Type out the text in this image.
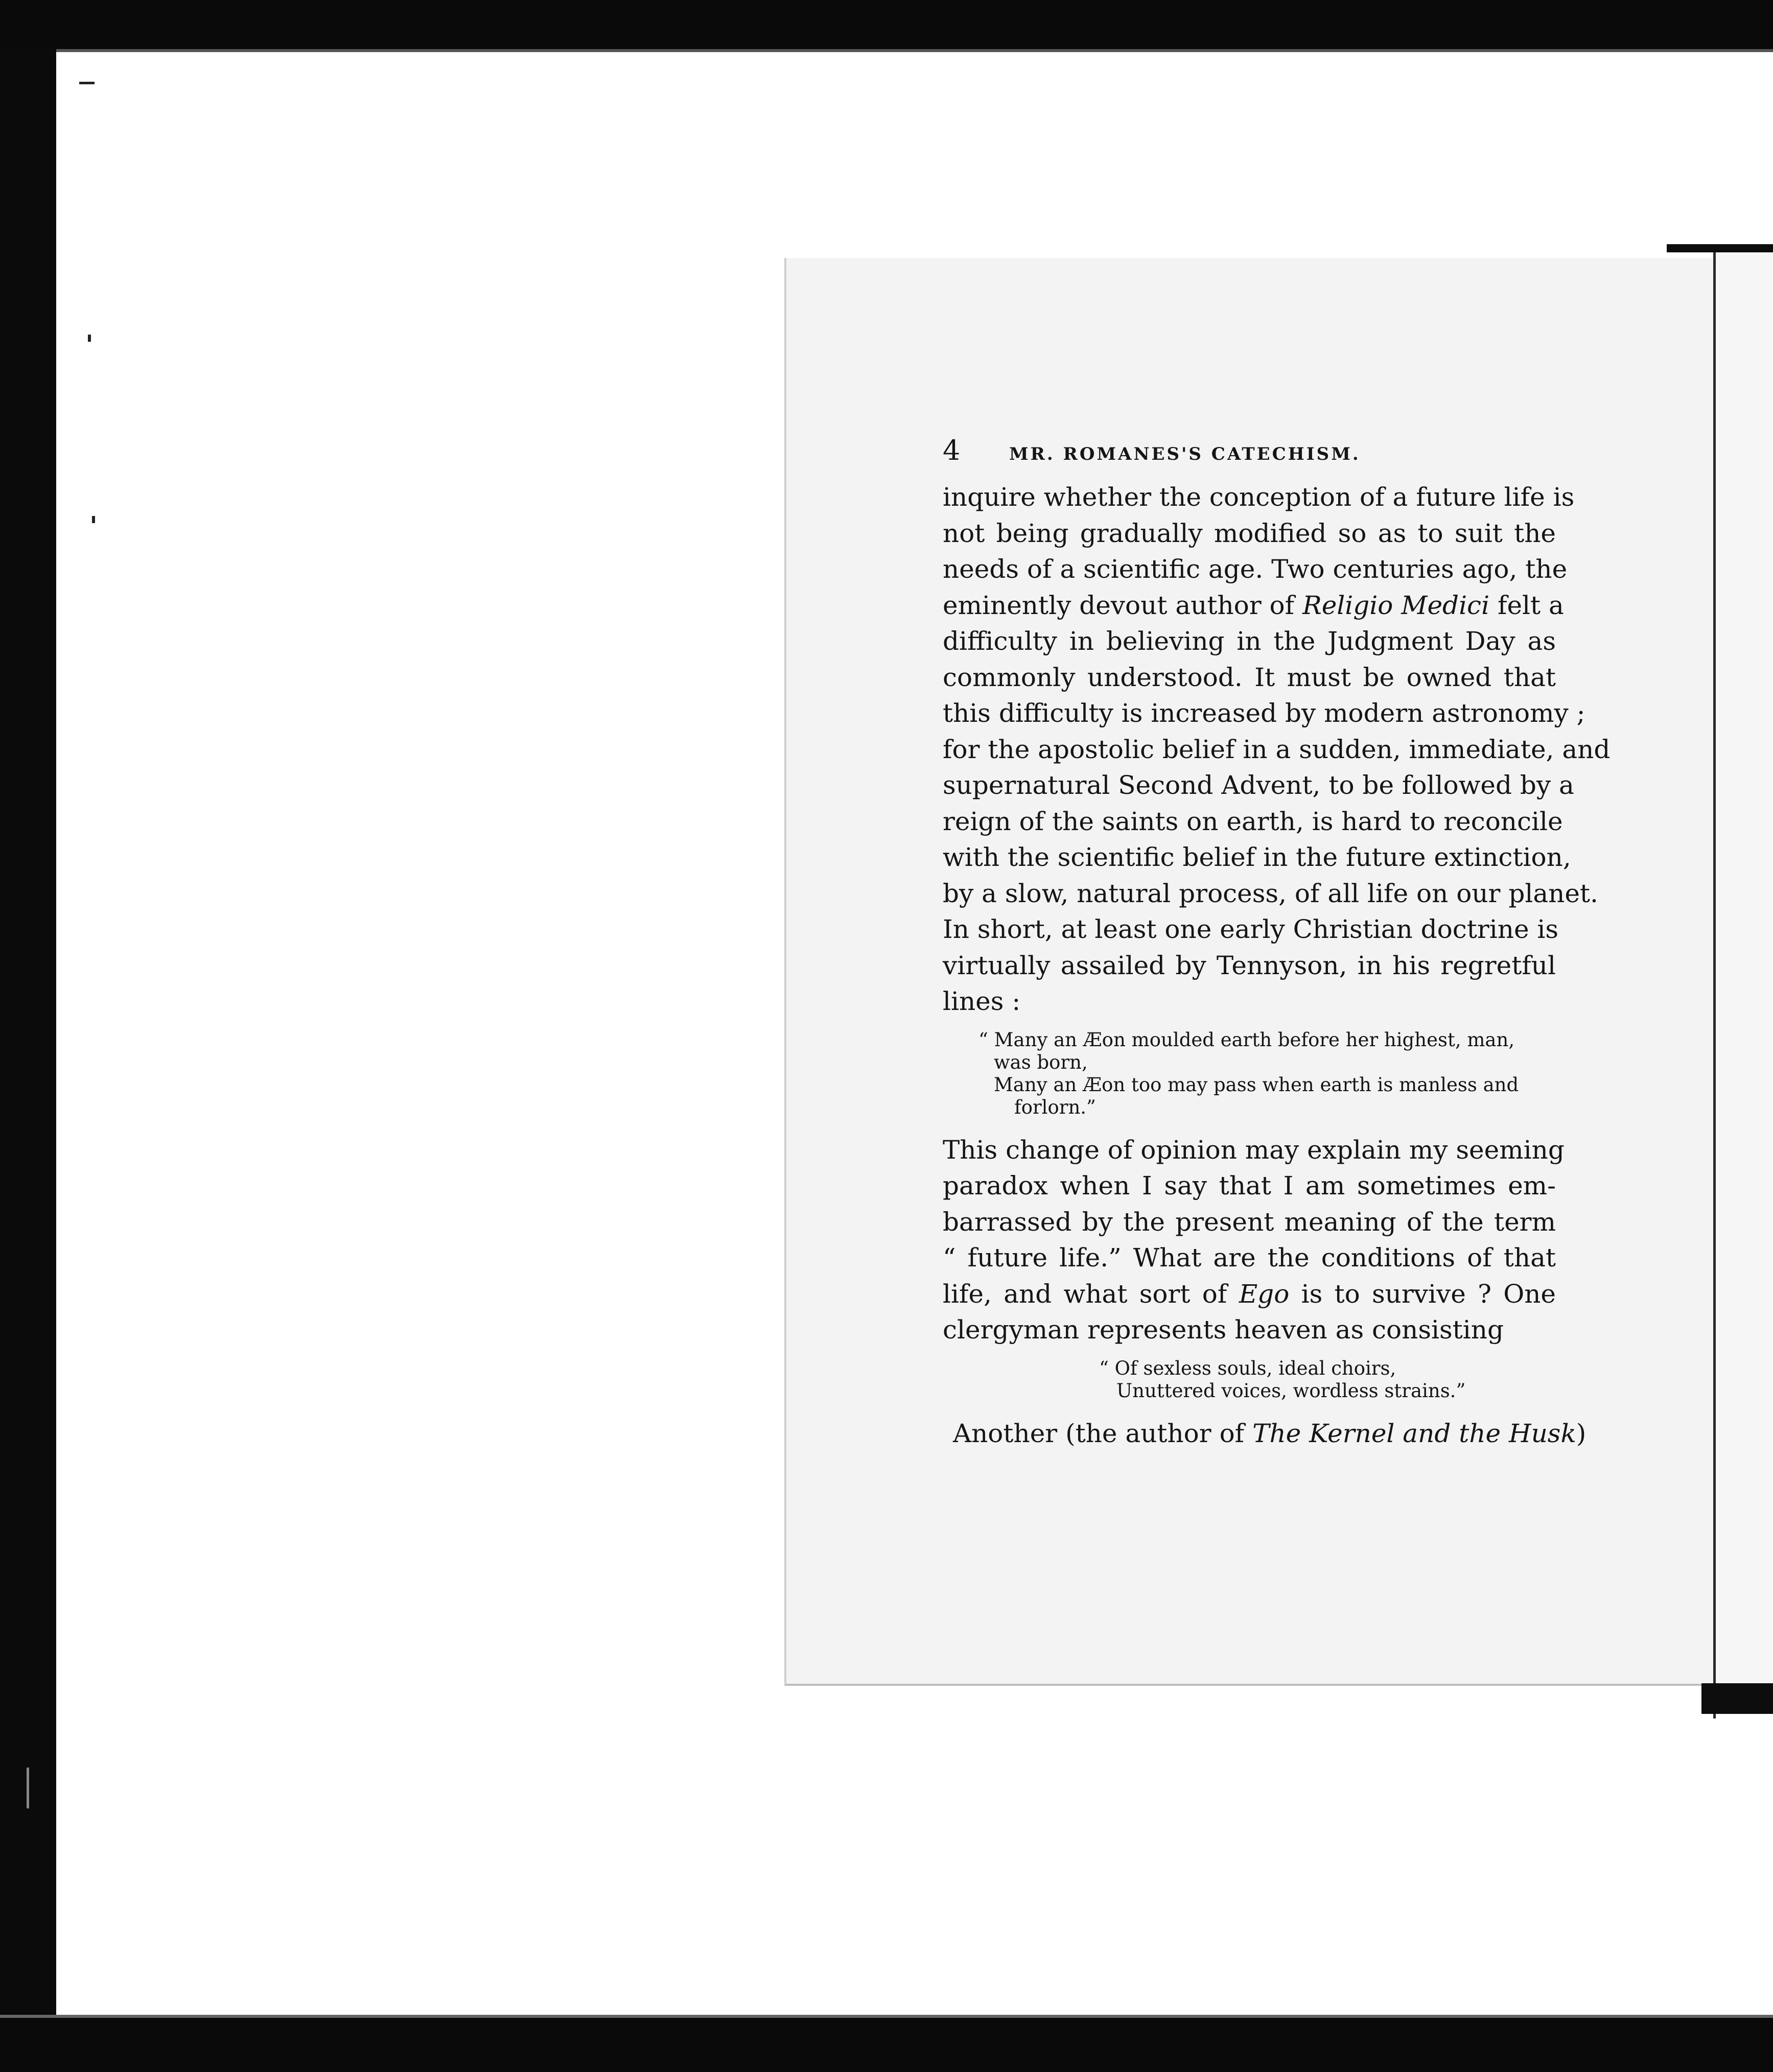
4	MR. ROMANES'S CATECHISM.
inquire whether the conception of a future life is
not being gradually modified so as to suit the
needs of a scientific age. Two centuries ago, the
eminently devout author of Religio Medici felt a
difficulty in believing in the Judgment Day as
commonly understood. It must be owned that
this difficulty is increased by modern astronomy ;
for the apostolic belief in a sudden, immediate, and
supernatural Second Advent, to be followed by a
reign of the saints on earth, is hard to reconcile
with the scientific belief in the future extinction,
by a slow, natural process, of all life on our planet.
In short, at least one early Christian doctrine is
virtually assailed by Tennyson, in his regretful
lines :
“ Many an Æon moulded earth before her highest, man,
was born,
Many an Æon too may pass when earth is manless and
forlorn.”
This change of opinion may explain my seeming
paradox when I say that I am sometimes em-
barrassed by the present meaning of the term
“ future life.” What are the conditions of that
life, and what sort of Ego is to survive ? One
clergyman represents heaven as consisting
“ Of sexless souls, ideal choirs,
Unuttered voices, wordless strains.”
Another (the author of The Kernel and the Husk)
